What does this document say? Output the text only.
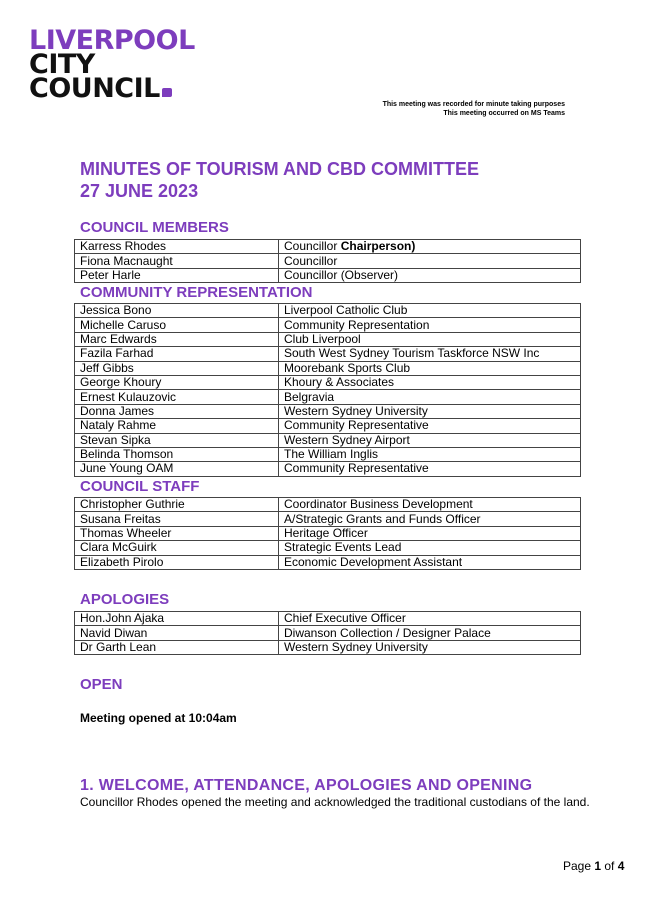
LIVERPOOL
CITY
COUNCIL
This meeting was recorded for minute taking purposes
This meeting occurred on MS Teams
MINUTES OF TOURISM AND CBD COMMITTEE
27 JUNE 2023
COUNCIL MEMBERS
Karress Rhodes	Councillor Chairperson)
Fiona Macnaught	Councillor
Peter Harle	Councillor (Observer)
COMMUNITY REPRESENTATION
Jessica Bono	Liverpool Catholic Club
Michelle Caruso	Community Representation
Marc Edwards	Club Liverpool
Fazila Farhad	South West Sydney Tourism Taskforce NSW Inc
Jeff Gibbs	Moorebank Sports Club
George Khoury	Khoury & Associates
Ernest Kulauzovic	Belgravia
Donna James	Western Sydney University
Nataly Rahme	Community Representative
Stevan Sipka	Western Sydney Airport
Belinda Thomson	The William Inglis
June Young OAM	Community Representative
COUNCIL STAFF
Christopher Guthrie	Coordinator Business Development
Susana Freitas	A/Strategic Grants and Funds Officer
Thomas Wheeler	Heritage Officer
Clara McGuirk	Strategic Events Lead
Elizabeth Pirolo	Economic Development Assistant
APOLOGIES
Hon.John Ajaka	Chief Executive Officer
Navid Diwan	Diwanson Collection / Designer Palace
Dr Garth Lean	Western Sydney University
OPEN
Meeting opened at 10:04am
1. WELCOME, ATTENDANCE, APOLOGIES AND OPENING
Councillor Rhodes opened the meeting and acknowledged the traditional custodians of the land.
Page 1 of 4
